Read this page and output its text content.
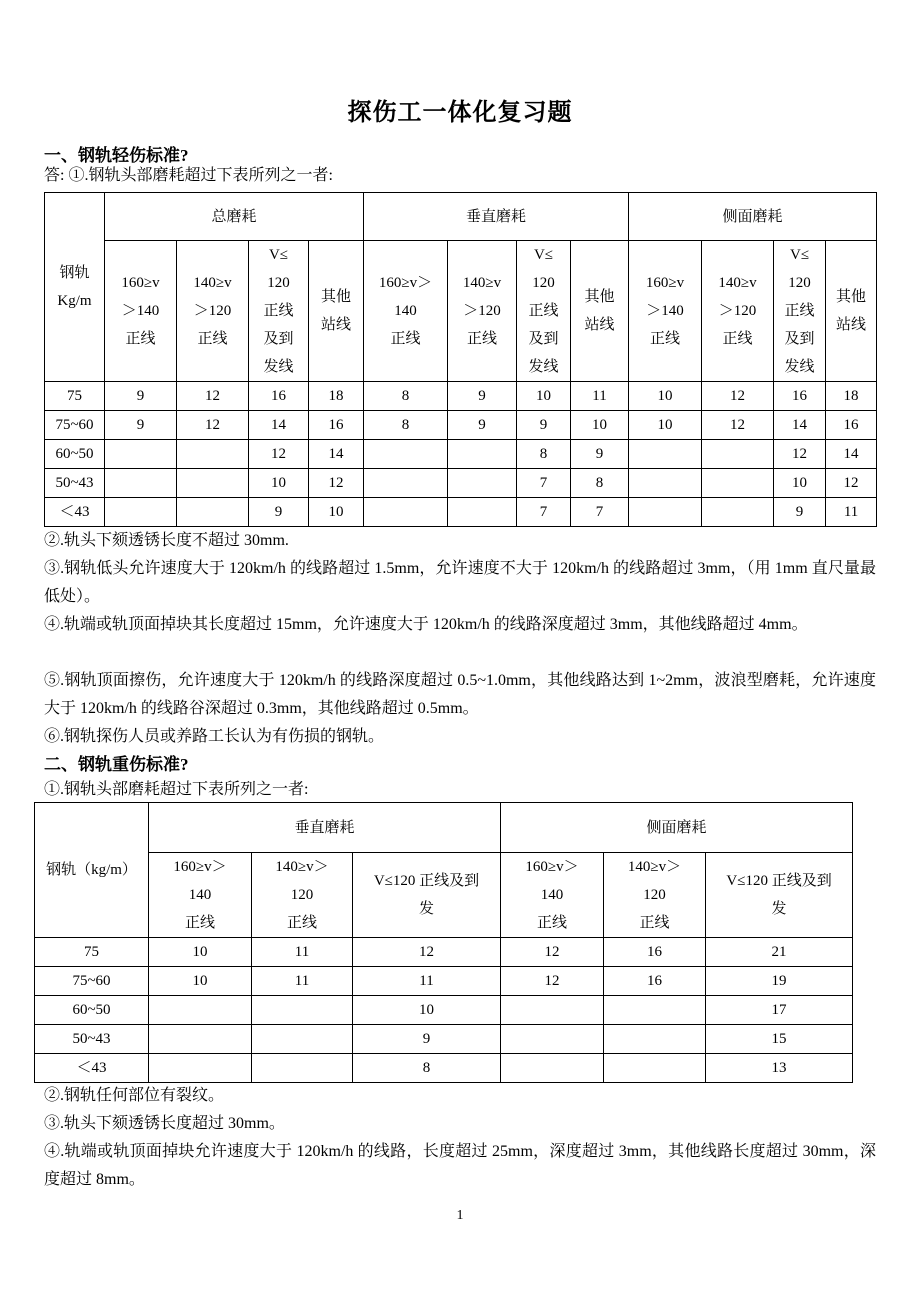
探伤工一体化复习题
一、钢轨轻伤标准?
答: ①.钢轨头部磨耗超过下表所列之一者:
钢轨
Kg/m	总磨耗				垂直磨耗				侧面磨耗			
	160≥v
＞140
正线	140≥v
＞120
正线	V≤
120
正线
及到
发线	其他
站线	160≥v＞
140
正线	140≥v
＞120
正线	V≤
120
正线
及到
发线	其他
站线	160≥v
＞140
正线	140≥v
＞120
正线	V≤
120
正线
及到
发线	其他
站线
75	9	12	16	18	8	9	10	11	10	12	16	18
75~60	9	12	14	16	8	9	9	10	10	12	14	16
60~50			12	14			8	9			12	14
50~43			10	12			7	8			10	12
＜43			9	10			7	7			9	11
②.轨头下颏透锈长度不超过 30mm.
③.钢轨低头允许速度大于 120km/h 的线路超过 1.5mm，允许速度不大于 120km/h 的线路超过 3mm，（用 1mm 直尺量最低处）。
④.轨端或轨顶面掉块其长度超过 15mm，允许速度大于 120km/h 的线路深度超过 3mm，其他线路超过 4mm。
⑤.钢轨顶面擦伤，允许速度大于 120km/h 的线路深度超过 0.5~1.0mm，其他线路达到 1~2mm，波浪型磨耗，允许速度大于 120km/h 的线路谷深超过 0.3mm，其他线路超过 0.5mm。
⑥.钢轨探伤人员或养路工长认为有伤损的钢轨。
二、钢轨重伤标准?
①.钢轨头部磨耗超过下表所列之一者:
钢轨（kg/m）	垂直磨耗			侧面磨耗		
	160≥v＞
140
正线	140≥v＞
120
正线	V≤120 正线及到
发	160≥v＞
140
正线	140≥v＞
120
正线	V≤120 正线及到
发
75	10	11	12	12	16	21
75~60	10	11	11	12	16	19
60~50			10			17
50~43			9			15
＜43			8			13
②.钢轨任何部位有裂纹。
③.轨头下颏透锈长度超过 30mm。
④.轨端或轨顶面掉块允许速度大于 120km/h 的线路，长度超过 25mm，深度超过 3mm，其他线路长度超过 30mm，深度超过 8mm。
1
